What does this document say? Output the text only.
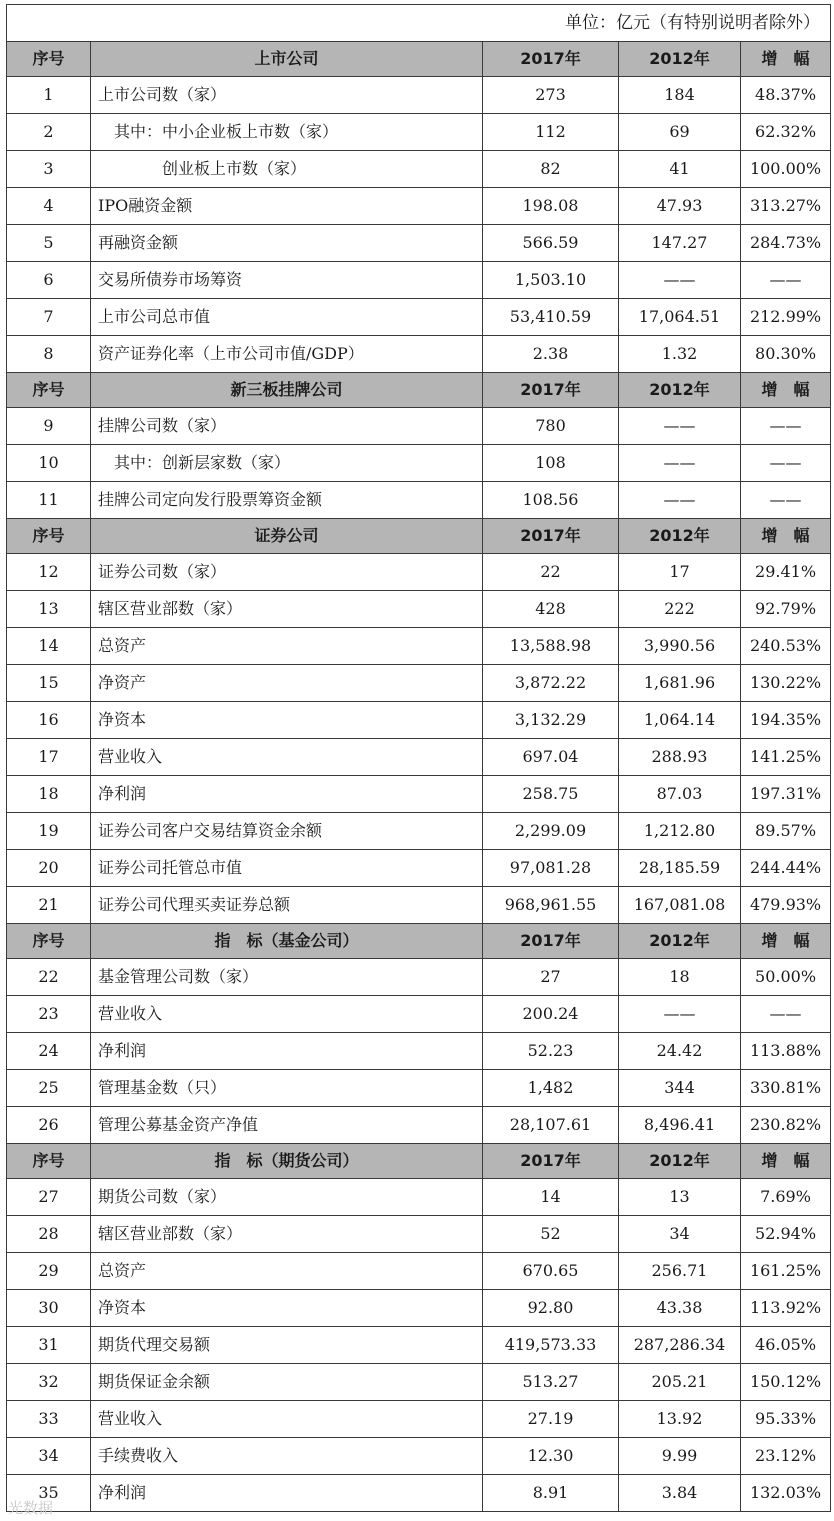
单位：亿元（有特别说明者除外）				
序号	上市公司	2017年	2012年	增　幅
1	上市公司数（家）	273	184	48.37%
2	　其中：中小企业板上市数（家）	112	69	62.32%
3	　　　　创业板上市数（家）	82	41	100.00%
4	IPO融资金额	198.08	47.93	313.27%
5	再融资金额	566.59	147.27	284.73%
6	交易所债券市场筹资	1,503.10	——	——
7	上市公司总市值	53,410.59	17,064.51	212.99%
8	资产证券化率（上市公司市值/GDP）	2.38	1.32	80.30%
序号	新三板挂牌公司	2017年	2012年	增　幅
9	挂牌公司数（家）	780	——	——
10	　其中：创新层家数（家）	108	——	——
11	挂牌公司定向发行股票筹资金额	108.56	——	——
序号	证券公司	2017年	2012年	增　幅
12	证券公司数（家）	22	17	29.41%
13	辖区营业部数（家）	428	222	92.79%
14	总资产	13,588.98	3,990.56	240.53%
15	净资产	3,872.22	1,681.96	130.22%
16	净资本	3,132.29	1,064.14	194.35%
17	营业收入	697.04	288.93	141.25%
18	净利润	258.75	87.03	197.31%
19	证券公司客户交易结算资金余额	2,299.09	1,212.80	89.57%
20	证券公司托管总市值	97,081.28	28,185.59	244.44%
21	证券公司代理买卖证券总额	968,961.55	167,081.08	479.93%
序号	指　标（基金公司）	2017年	2012年	增　幅
22	基金管理公司数（家）	27	18	50.00%
23	营业收入	200.24	——	——
24	净利润	52.23	24.42	113.88%
25	管理基金数（只）	1,482	344	330.81%
26	管理公募基金资产净值	28,107.61	8,496.41	230.82%
序号	指　标（期货公司）	2017年	2012年	增　幅
27	期货公司数（家）	14	13	7.69%
28	辖区营业部数（家）	52	34	52.94%
29	总资产	670.65	256.71	161.25%
30	净资本	92.80	43.38	113.92%
31	期货代理交易额	419,573.33	287,286.34	46.05%
32	期货保证金余额	513.27	205.21	150.12%
33	营业收入	27.19	13.92	95.33%
34	手续费收入	12.30	9.99	23.12%
35	净利润	8.91	3.84	132.03%
光数据
